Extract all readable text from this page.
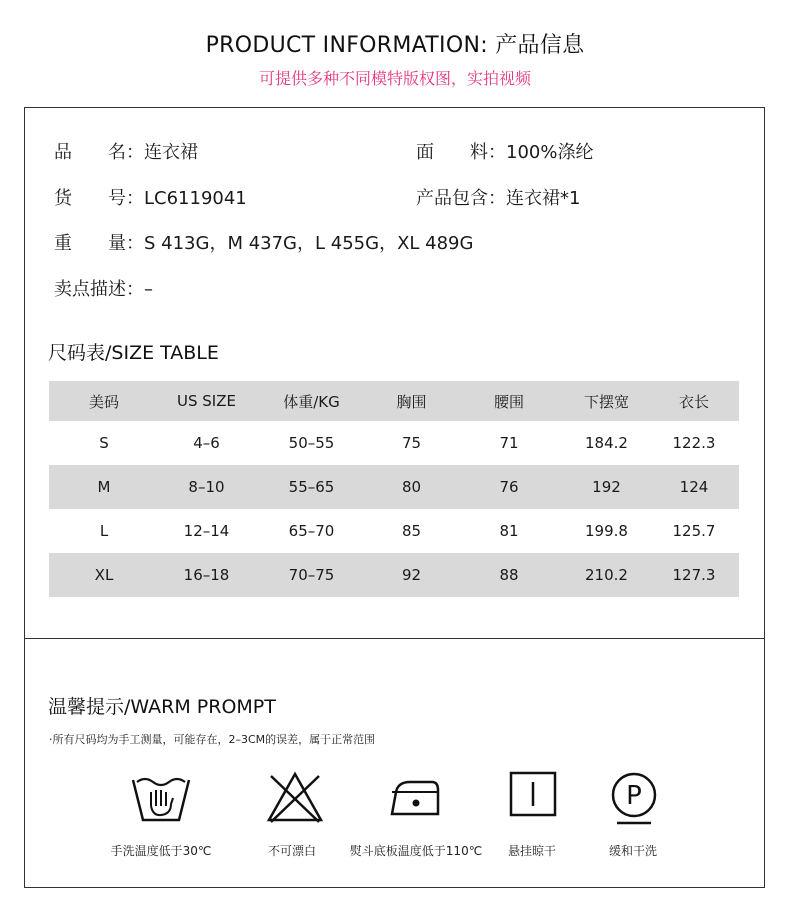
PRODUCT INFORMATION: 产品信息
可提供多种不同模特版权图，实拍视频
品　　名：连衣裙	面　　料：100%涤纶
货　　号：LC6119041	产品包含：连衣裙*1
重　　量：S 413G，M 437G，L 455G，XL 489G
卖点描述：–
尺码表/SIZE TABLE
美码	US SIZE	体重/KG	胸围	腰围	下摆宽	衣长
S	4–6	50–55	75	71	184.2	122.3
M	8–10	55–65	80	76	192	124
L	12–14	65–70	85	81	199.8	125.7
XL	16–18	70–75	92	88	210.2	127.3
温馨提示/WARM PROMPT
·所有尺码均为手工测量，可能存在，2–3CM的误差，属于正常范围
P
手洗温度低于30℃	不可漂白	熨斗底板温度低于110℃	悬挂晾干	缓和干洗
